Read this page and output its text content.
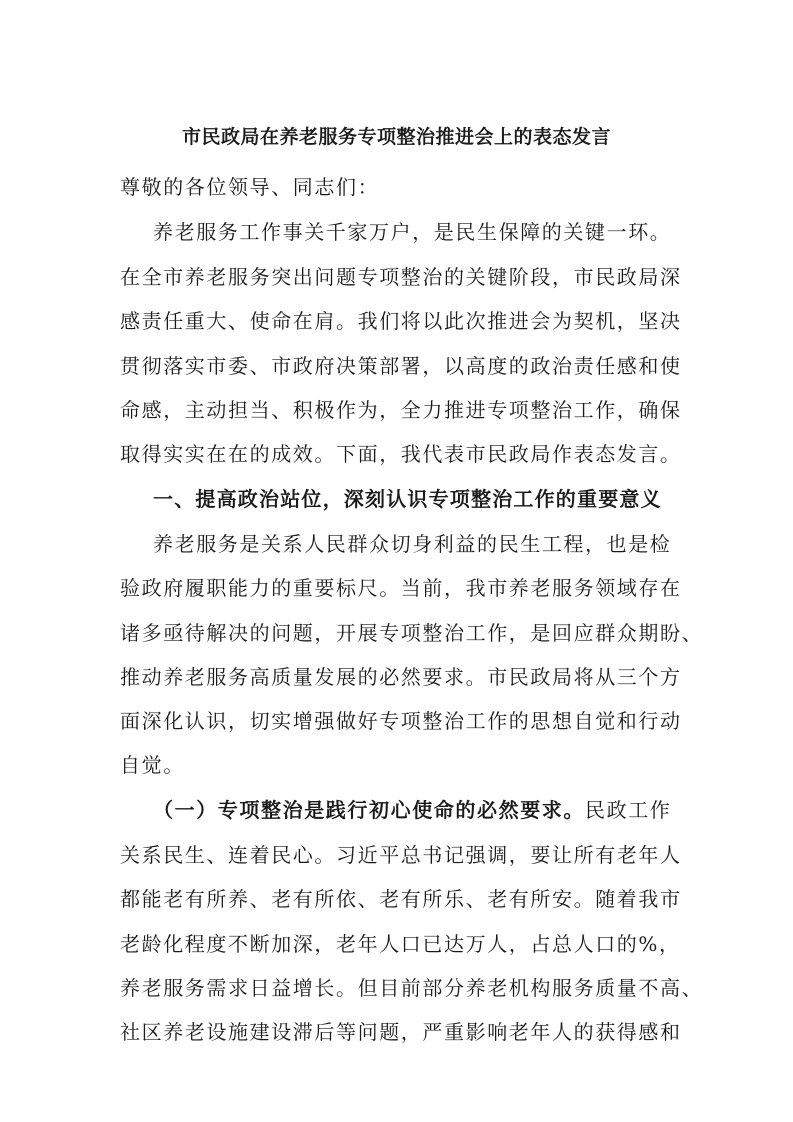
市民政局在养老服务专项整治推进会上的表态发言
尊敬的各位领导、同志们：
养老服务工作事关千家万户，是民生保障的关键一环。
在全市养老服务突出问题专项整治的关键阶段，市民政局深
感责任重大、使命在肩。我们将以此次推进会为契机，坚决
贯彻落实市委、市政府决策部署，以高度的政治责任感和使
命感，主动担当、积极作为，全力推进专项整治工作，确保
取得实实在在的成效。下面，我代表市民政局作表态发言。
一、提高政治站位，深刻认识专项整治工作的重要意义
养老服务是关系人民群众切身利益的民生工程，也是检
验政府履职能力的重要标尺。当前，我市养老服务领域存在
诸多亟待解决的问题，开展专项整治工作，是回应群众期盼、
推动养老服务高质量发展的必然要求。市民政局将从三个方
面深化认识，切实增强做好专项整治工作的思想自觉和行动
自觉。
（一）专项整治是践行初心使命的必然要求。民政工作
关系民生、连着民心。习近平总书记强调，要让所有老年人
都能老有所养、老有所依、老有所乐、老有所安。随着我市
老龄化程度不断加深，老年人口已达万人，占总人口的%，
养老服务需求日益增长。但目前部分养老机构服务质量不高、
社区养老设施建设滞后等问题，严重影响老年人的获得感和
